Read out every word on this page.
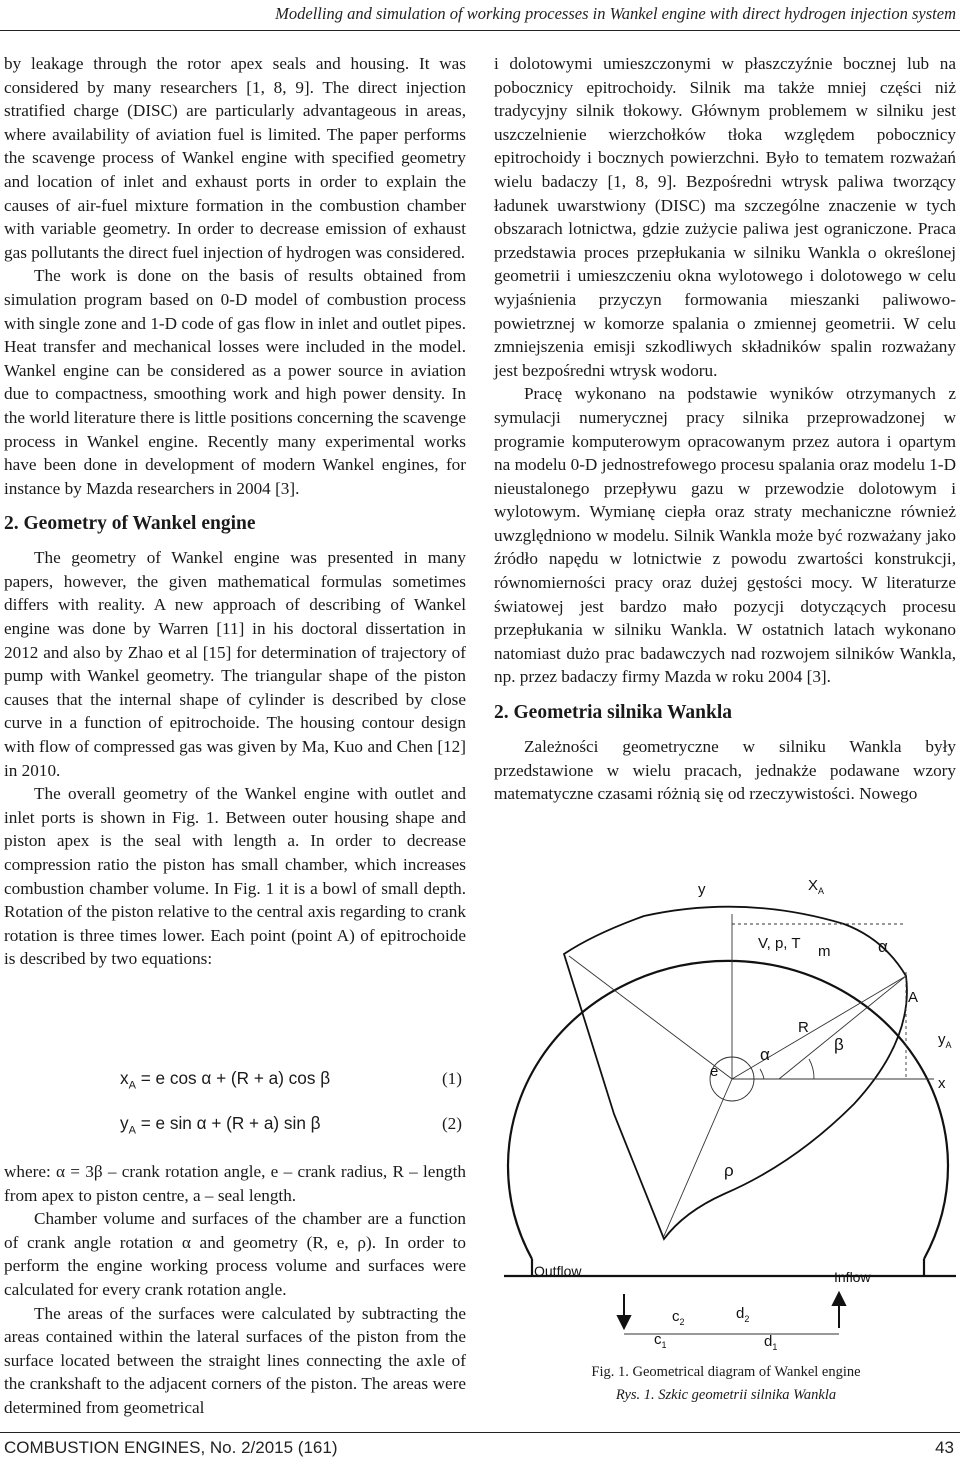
Modelling and simulation of working processes in Wankel engine with direct hydrogen injection system

by leakage through the rotor apex seals and housing. It was considered by many researchers [1, 8, 9]. The direct injection stratified charge (DISC) are particularly advantageous in areas, where availability of aviation fuel is limited. The paper performs the scavenge process of Wankel engine with specified geometry and location of inlet and exhaust ports in order to explain the causes of air-fuel mixture formation in the combustion chamber with variable geometry. In order to decrease emission of exhaust gas pollutants the direct fuel injection of hydrogen was considered.

The work is done on the basis of results obtained from simulation program based on 0-D model of combustion process with single zone and 1-D code of gas flow in inlet and outlet pipes. Heat transfer and mechanical losses were included in the model. Wankel engine can be considered as a power source in aviation due to compactness, smoothing work and high power density. In the world literature there is little positions concerning the scavenge process in Wankel engine. Recently many experimental works have been done in development of modern Wankel engines, for instance by Mazda researchers in 2004 [3].

2. Geometry of Wankel engine

The geometry of Wankel engine was presented in many papers, however, the given mathematical formulas sometimes differs with reality. A new approach of describing of Wankel engine was done by Warren [11] in his doctoral dissertation in 2012 and also by Zhao et al [15] for determination of trajectory of pump with Wankel geometry. The triangular shape of the piston causes that the internal shape of cylinder is described by close curve in a function of epitrochoide. The housing contour design with flow of compressed gas was given by Ma, Kuo and Chen [12] in 2010.

The overall geometry of the Wankel engine with outlet and inlet ports is shown in Fig. 1. Between outer housing shape and piston apex is the seal with length a. In order to decrease compression ratio the piston has small chamber, which increases combustion chamber volume. In Fig. 1 it is a bowl of small depth. Rotation of the piston relative to the central axis regarding to crank rotation is three times lower. Each point (point A) of epitrochoide is described by two equations:

$x_A = e$ cos α + (R + a) cos β	(1)
$y_A = e$ sin α + (R + a) sin β	(2)

where: α = 3β – crank rotation angle, e – crank radius, R – length from apex to piston centre, a – seal length.

Chamber volume and surfaces of the chamber are a function of crank angle rotation α and geometry (R, e, ρ). In order to perform the engine working process volume and surfaces were calculated for every crank rotation angle.

The areas of the surfaces were calculated by subtracting the areas contained within the lateral surfaces of the piston from the surface located between the straight lines connecting the axle of the crankshaft to the adjacent corners of the piston. The areas were determined from geometrical

i dolotowymi umieszczonymi w płaszczyźnie bocznej lub na pobocznicy epitrochoidy. Silnik ma także mniej części niż tradycyjny silnik tłokowy. Głównym problemem w silniku jest uszczelnienie wierzchołków tłoka względem pobocznicy epitrochoidy i bocznych powierzchni. Było to tematem rozważań wielu badaczy [1, 8, 9]. Bezpośredni wtrysk paliwa tworzący ładunek uwarstwiony (DISC) ma szczególne znaczenie w tych obszarach lotnictwa, gdzie zużycie paliwa jest ograniczone. Praca przedstawia proces przepłukania w silniku Wankla o określonej geometrii i umieszczeniu okna wylotowego i dolotowego w celu wyjaśnienia przyczyn formowania mieszanki paliwowo-powietrznej w komorze spalania o zmiennej geometrii. W celu zmniejszenia emisji szkodliwych składników spalin rozważany jest bezpośredni wtrysk wodoru.

Pracę wykonano na podstawie wyników otrzymanych z symulacji numerycznej pracy silnika przeprowadzonej w programie komputerowym opracowanym przez autora i opartym na modelu 0-D jednostrefowego procesu spalania oraz modelu 1-D nieustalonego przepływu gazu w przewodzie dolotowym i wylotowym. Wymianę ciepła oraz straty mechaniczne również uwzględniono w modelu. Silnik Wankla może być rozważany jako źródło napędu w lotnictwie z powodu zwartości konstrukcji, równomierności pracy oraz dużej gęstości mocy. W literaturze światowej jest bardzo mało pozycji dotyczących procesu przepłukania w silniku Wankla. W ostatnich latach wykonano natomiast dużo prac badawczych nad rozwojem silników Wankla, np. przez badaczy firmy Mazda w roku 2004 [3].

2. Geometria silnika Wankla

Zależności geometryczne w silniku Wankla były przedstawione w wielu pracach, jednakże podawane wzory matematyczne czasami różnią się od rzeczywistości. Nowego

y	$X_A$
V, p, T m	α
A
R
β	$y_A$
e
α
x
ρ
Outflow	Inflow
$c_2$	$d_2$
$c_1$	$d_1$
Fig. 1. Geometrical diagram of Wankel engine
Rys. 1. Szkic geometrii silnika Wankla
COMBUSTION ENGINES, No. 2/2015 (161)	43
